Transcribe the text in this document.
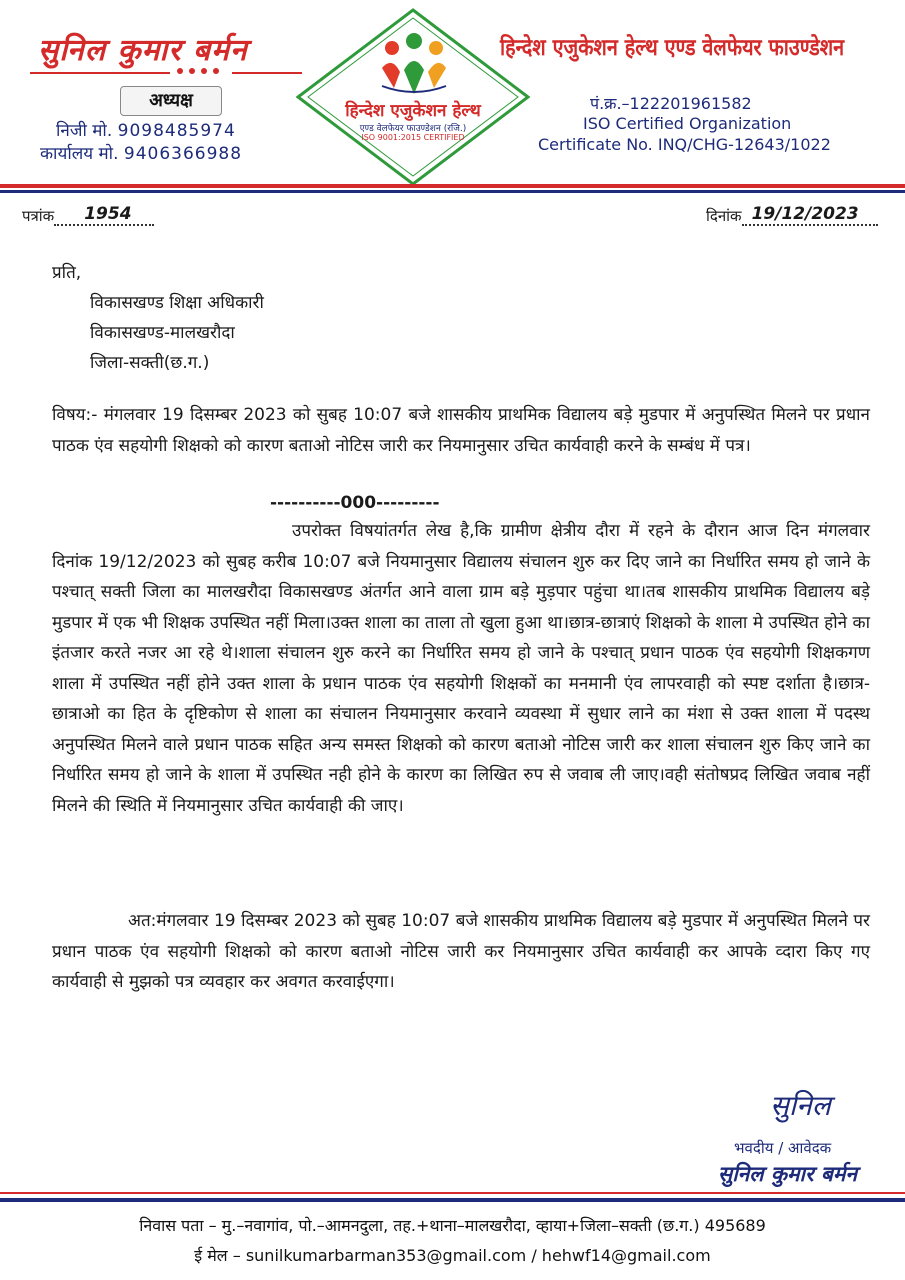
सुनिल कुमार बर्मन
अध्यक्ष
निजी मो. 9098485974
कार्यालय मो. 9406366988
हिन्देश एजुकेशन हेल्थ
एण्ड वेलफेयर फाउण्डेशन (रजि.)
ISO 9001:2015 CERTIFIED
हिन्देश एजुकेशन हेल्थ एण्ड वेलफेयर फाउण्डेशन
पं.क्र.–122201961582
ISO Certified Organization
Certificate No. INQ/CHG-12643/1022
पत्रांक 1954	दिनांक 19/12/2023
प्रति,
विकासखण्ड शिक्षा अधिकारी
विकासखण्ड-मालखरौदा
जिला-सक्ती(छ.ग.)
विषय:- मंगलवार 19 दिसम्बर 2023 को सुबह 10:07 बजे शासकीय प्राथमिक विद्यालय बड़े मुडपार में अनुपस्थित मिलने पर प्रधान पाठक एंव सहयोगी शिक्षको को कारण बताओ नोटिस जारी कर नियमानुसार उचित कार्यवाही करने के सम्बंध में पत्र।
----------000---------
उपरोक्त विषयांतर्गत लेख है,कि ग्रामीण क्षेत्रीय दौरा में रहने के दौरान आज दिन मंगलवार दिनांक 19/12/2023 को सुबह करीब 10:07 बजे नियमानुसार विद्यालय संचालन शुरु कर दिए जाने का निर्धारित समय हो जाने के पश्चात् सक्ती जिला का मालखरौदा विकासखण्ड अंतर्गत आने वाला ग्राम बड़े मुड़पार पहुंचा था।तब शासकीय प्राथमिक विद्यालय बड़े मुडपार में एक भी शिक्षक उपस्थित नहीं मिला।उक्त शाला का ताला तो खुला हुआ था।छात्र-छात्राएं शिक्षको के शाला मे उपस्थित होने का इंतजार करते नजर आ रहे थे।शाला संचालन शुरु करने का निर्धारित समय हो जाने के पश्चात् प्रधान पाठक एंव सहयोगी शिक्षकगण शाला में उपस्थित नहीं होने उक्त शाला के प्रधान पाठक एंव सहयोगी शिक्षकों का मनमानी एंव लापरवाही को स्पष्ट दर्शाता है।छात्र-छात्राओ का हित के दृष्टिकोण से शाला का संचालन नियमानुसार करवाने व्यवस्था में सुधार लाने का मंशा से उक्त शाला में पदस्थ अनुपस्थित मिलने वाले प्रधान पाठक सहित अन्य समस्त शिक्षको को कारण बताओ नोटिस जारी कर शाला संचालन शुरु किए जाने का निर्धारित समय हो जाने के शाला में उपस्थित नही होने के कारण का लिखित रुप से जवाब ली जाए।वही संतोषप्रद लिखित जवाब नहीं मिलने की स्थिति में नियमानुसार उचित कार्यवाही की जाए।
अत:मंगलवार 19 दिसम्बर 2023 को सुबह 10:07 बजे शासकीय प्राथमिक विद्यालय बड़े मुडपार में अनुपस्थित मिलने पर प्रधान पाठक एंव सहयोगी शिक्षको को कारण बताओ नोटिस जारी कर नियमानुसार उचित कार्यवाही कर आपके व्दारा किए गए कार्यवाही से मुझको पत्र व्यवहार कर अवगत करवाईएगा।
सुनिल
भवदीय / आवेदक
सुनिल कुमार बर्मन
निवास पता – मु.–नवागांव, पो.–आमनदुला, तह.+थाना–मालखरौदा, व्हाया+जिला–सक्ती (छ.ग.) 495689
ई मेल – sunilkumarbarman353@gmail.com / hehwf14@gmail.com
